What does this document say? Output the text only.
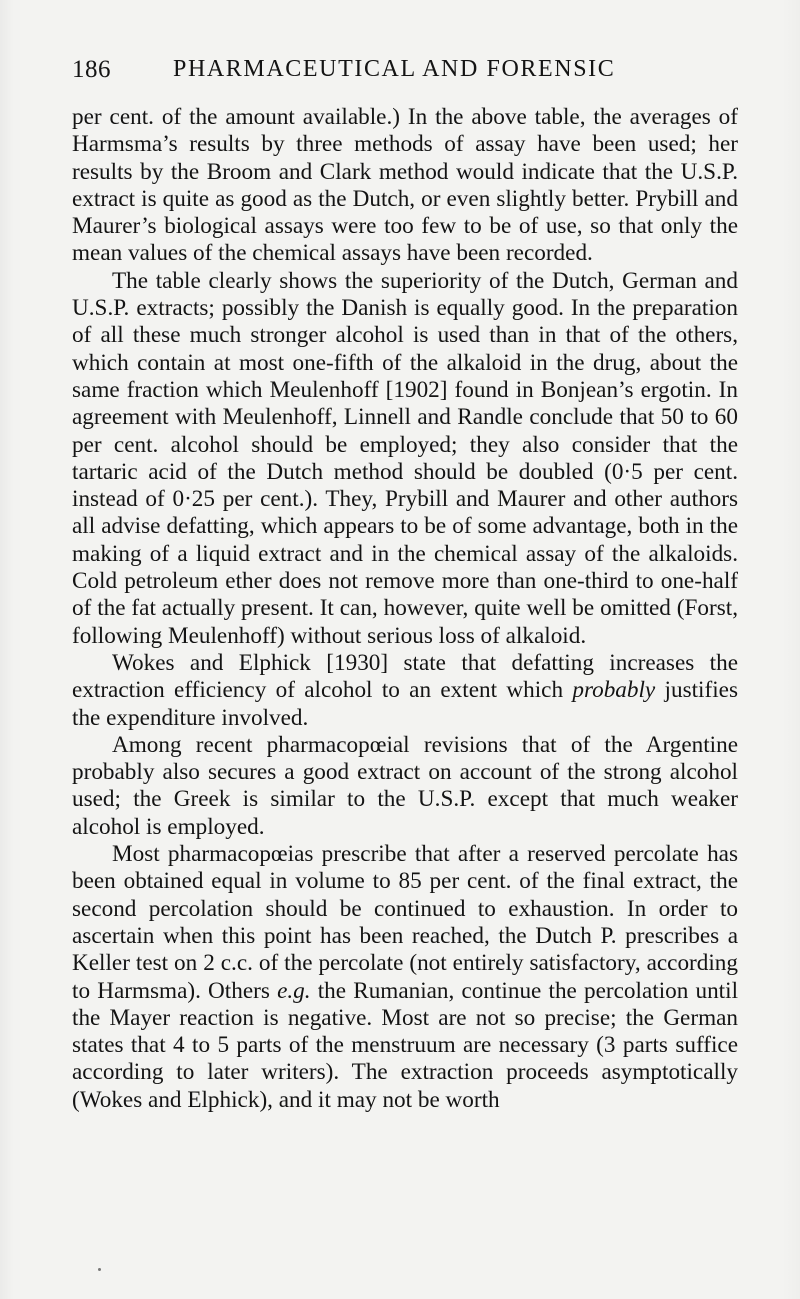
186	PHARMACEUTICAL AND FORENSIC

per cent. of the amount available.) In the above table, the averages of Harmsma’s results by three methods of assay have been used; her results by the Broom and Clark method would indicate that the U.S.P. extract is quite as good as the Dutch, or even slightly better. Prybill and Maurer’s biological assays were too few to be of use, so that only the mean values of the chemical assays have been recorded.

The table clearly shows the superiority of the Dutch, German and U.S.P. extracts; possibly the Danish is equally good. In the preparation of all these much stronger alcohol is used than in that of the others, which contain at most one-fifth of the alkaloid in the drug, about the same fraction which Meulenhoff [1902] found in Bonjean’s ergotin. In agreement with Meulenhoff, Linnell and Randle conclude that 50 to 60 per cent. alcohol should be employed; they also consider that the tartaric acid of the Dutch method should be doubled (0·5 per cent. instead of 0·25 per cent.). They, Prybill and Maurer and other authors all advise defatting, which appears to be of some advantage, both in the making of a liquid extract and in the chemical assay of the alkaloids. Cold petroleum ether does not remove more than one-third to one-half of the fat actually present. It can, however, quite well be omitted (Forst, following Meulenhoff) without serious loss of alkaloid.

Wokes and Elphick [1930] state that defatting increases the extraction efficiency of alcohol to an extent which probably justifies the expenditure involved.

Among recent pharmacopœial revisions that of the Argentine probably also secures a good extract on account of the strong alcohol used; the Greek is similar to the U.S.P. except that much weaker alcohol is employed.

Most pharmacopœias prescribe that after a reserved percolate has been obtained equal in volume to 85 per cent. of the final extract, the second percolation should be continued to exhaustion. In order to ascertain when this point has been reached, the Dutch P. prescribes a Keller test on 2 c.c. of the percolate (not entirely satisfactory, according to Harmsma). Others e.g. the Rumanian, continue the percolation until the Mayer reaction is negative. Most are not so precise; the German states that 4 to 5 parts of the menstruum are necessary (3 parts suffice according to later writers). The extraction proceeds asymptotically (Wokes and Elphick), and it may not be worth
